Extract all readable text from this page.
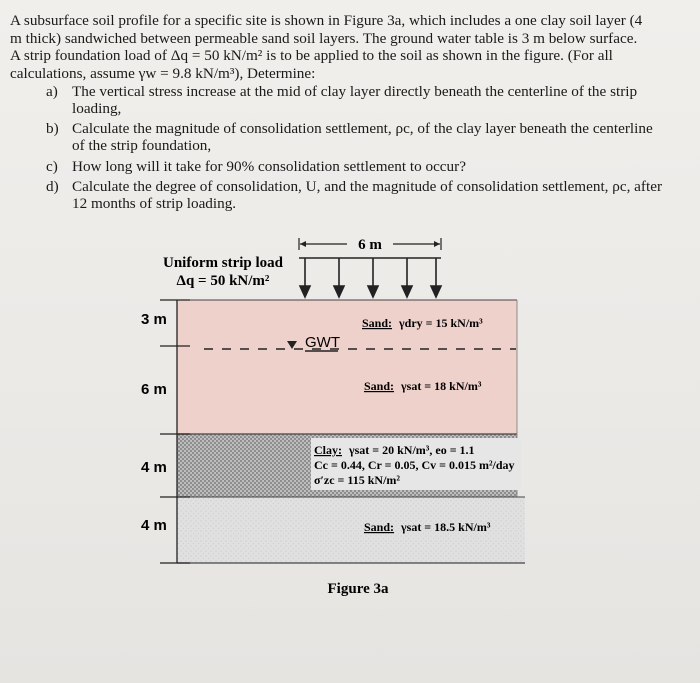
A subsurface soil profile for a specific site is shown in Figure 3a, which includes a one clay soil layer (4
m thick) sandwiched between permeable sand soil layers. The ground water table is 3 m below surface.
A strip foundation load of Δq = 50 kN/m² is to be applied to the soil as shown in the figure. (For all
calculations, assume γw = 9.8 kN/m³), Determine:
a) The vertical stress increase at the mid of clay layer directly beneath the centerline of the strip
loading,
b) Calculate the magnitude of consolidation settlement, ρc, of the clay layer beneath the centerline
of the strip foundation,
c) How long will it take for 90% consolidation settlement to occur?
d) Calculate the degree of consolidation, U, and the magnitude of consolidation settlement, ρc, after
12 months of strip loading.
6 m
Uniform strip load
Δq = 50 kN/m²
3 m
6 m
4 m
4 m
GWT
Sand: γdry = 15 kN/m³
Sand: γsat = 18 kN/m³
Clay: γsat = 20 kN/m³, eo = 1.1
Cc = 0.44, Cr = 0.05, Cv = 0.015 m²/day
σ′zc = 115 kN/m²
Sand: γsat = 18.5 kN/m³
Figure 3a
